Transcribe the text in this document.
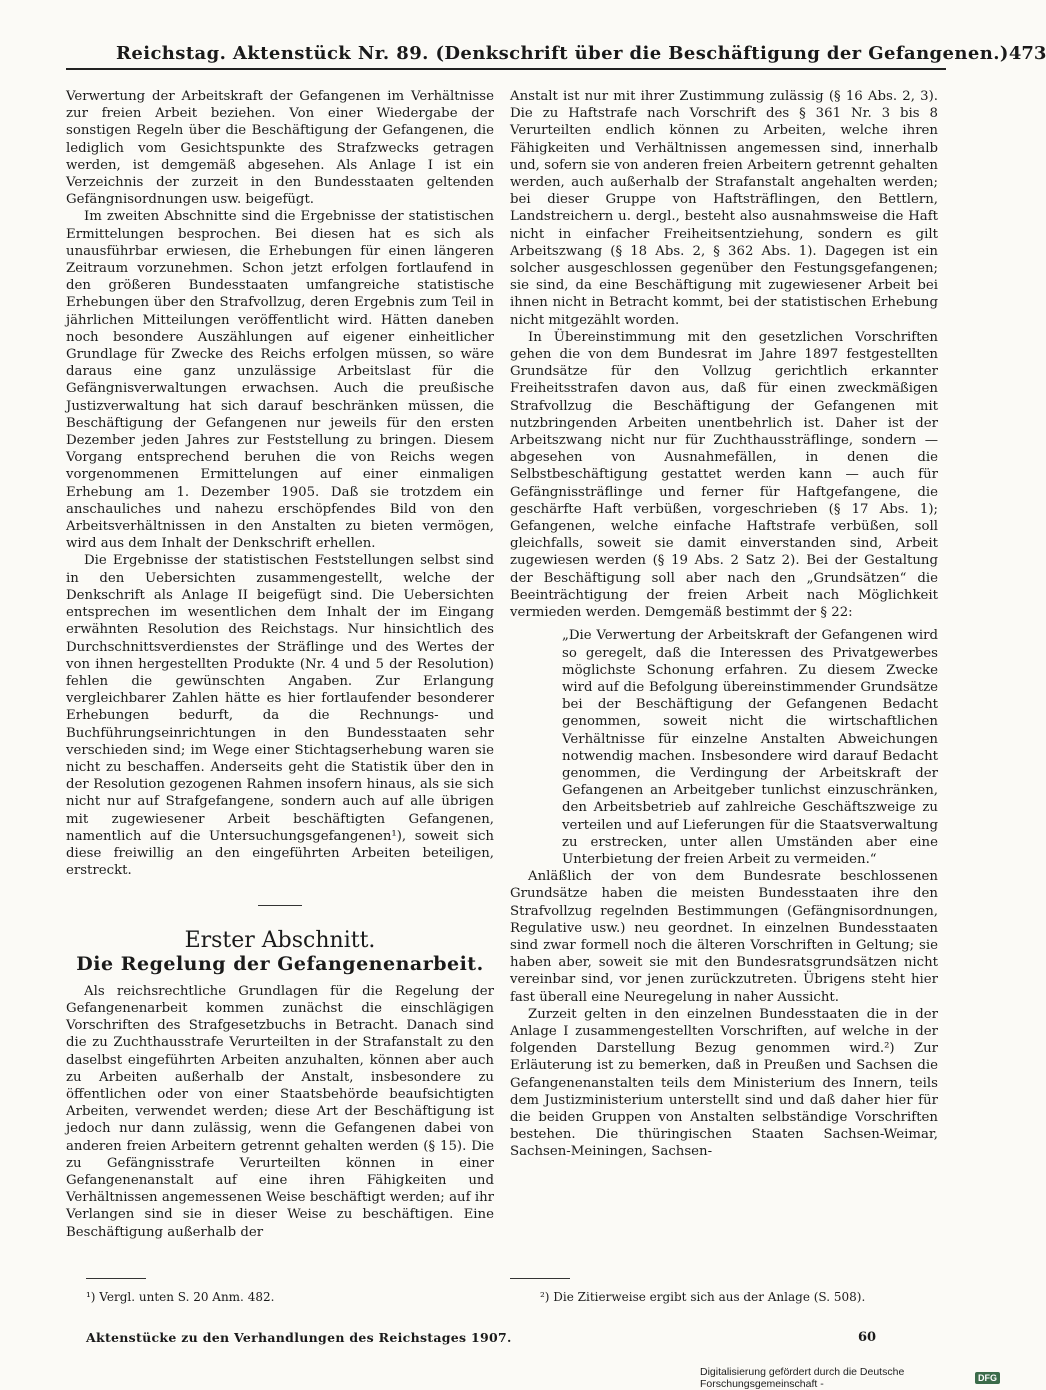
Reichstag. Aktenstück Nr. 89. (Denkschrift über die Beschäftigung der Gefangenen.) 473

Verwertung der Arbeitskraft der Gefangenen im Verhältnisse zur freien Arbeit beziehen. Von einer Wiedergabe der sonstigen Regeln über die Beschäftigung der Gefangenen, die lediglich vom Gesichtspunkte des Strafzwecks getragen werden, ist demgemäß abgesehen. Als Anlage I ist ein Verzeichnis der zurzeit in den Bundesstaaten geltenden Gefängnisordnungen usw. beigefügt.

Im zweiten Abschnitte sind die Ergebnisse der statistischen Ermittelungen besprochen. Bei diesen hat es sich als unausführbar erwiesen, die Erhebungen für einen längeren Zeitraum vorzunehmen. Schon jetzt erfolgen fortlaufend in den größeren Bundesstaaten umfangreiche statistische Erhebungen über den Strafvollzug, deren Ergebnis zum Teil in jährlichen Mitteilungen veröffentlicht wird. Hätten daneben noch besondere Auszählungen auf eigener einheitlicher Grundlage für Zwecke des Reichs erfolgen müssen, so wäre daraus eine ganz unzulässige Arbeitslast für die Gefängnisverwaltungen erwachsen. Auch die preußische Justizverwaltung hat sich darauf beschränken müssen, die Beschäftigung der Gefangenen nur jeweils für den ersten Dezember jeden Jahres zur Feststellung zu bringen. Diesem Vorgang entsprechend beruhen die von Reichs wegen vorgenommenen Ermittelungen auf einer einmaligen Erhebung am 1. Dezember 1905. Daß sie trotzdem ein anschauliches und nahezu erschöpfendes Bild von den Arbeitsverhältnissen in den Anstalten zu bieten vermögen, wird aus dem Inhalt der Denkschrift erhellen.

Die Ergebnisse der statistischen Feststellungen selbst sind in den Uebersichten zusammengestellt, welche der Denkschrift als Anlage II beigefügt sind. Die Uebersichten entsprechen im wesentlichen dem Inhalt der im Eingang erwähnten Resolution des Reichstags. Nur hinsichtlich des Durchschnittsverdienstes der Sträflinge und des Wertes der von ihnen hergestellten Produkte (Nr. 4 und 5 der Resolution) fehlen die gewünschten Angaben. Zur Erlangung vergleichbarer Zahlen hätte es hier fortlaufender besonderer Erhebungen bedurft, da die Rechnungs- und Buchführungseinrichtungen in den Bundesstaaten sehr verschieden sind; im Wege einer Stichtagserhebung waren sie nicht zu beschaffen. Anderseits geht die Statistik über den in der Resolution gezogenen Rahmen insofern hinaus, als sie sich nicht nur auf Strafgefangene, sondern auch auf alle übrigen mit zugewiesener Arbeit beschäftigten Gefangenen, namentlich auf die Untersuchungsgefangenen¹), soweit sich diese freiwillig an den eingeführten Arbeiten beteiligen, erstreckt.

Erster Abschnitt.
Die Regelung der Gefangenenarbeit.

Als reichsrechtliche Grundlagen für die Regelung der Gefangenenarbeit kommen zunächst die einschlägigen Vorschriften des Strafgesetzbuchs in Betracht. Danach sind die zu Zuchthausstrafe Verurteilten in der Strafanstalt zu den daselbst eingeführten Arbeiten anzuhalten, können aber auch zu Arbeiten außerhalb der Anstalt, insbesondere zu öffentlichen oder von einer Staatsbehörde beaufsichtigten Arbeiten, verwendet werden; diese Art der Beschäftigung ist jedoch nur dann zulässig, wenn die Gefangenen dabei von anderen freien Arbeitern getrennt gehalten werden (§ 15). Die zu Gefängnisstrafe Verurteilten können in einer Gefangenenanstalt auf eine ihren Fähigkeiten und Verhältnissen angemessenen Weise beschäftigt werden; auf ihr Verlangen sind sie in dieser Weise zu beschäftigen. Eine Beschäftigung außerhalb der

Anstalt ist nur mit ihrer Zustimmung zulässig (§ 16 Abs. 2, 3). Die zu Haftstrafe nach Vorschrift des § 361 Nr. 3 bis 8 Verurteilten endlich können zu Arbeiten, welche ihren Fähigkeiten und Verhältnissen angemessen sind, innerhalb und, sofern sie von anderen freien Arbeitern getrennt gehalten werden, auch außerhalb der Strafanstalt angehalten werden; bei dieser Gruppe von Haftsträflingen, den Bettlern, Landstreichern u. dergl., besteht also ausnahmsweise die Haft nicht in einfacher Freiheitsentziehung, sondern es gilt Arbeitszwang (§ 18 Abs. 2, § 362 Abs. 1). Dagegen ist ein solcher ausgeschlossen gegenüber den Festungsgefangenen; sie sind, da eine Beschäftigung mit zugewiesener Arbeit bei ihnen nicht in Betracht kommt, bei der statistischen Erhebung nicht mitgezählt worden.

In Übereinstimmung mit den gesetzlichen Vorschriften gehen die von dem Bundesrat im Jahre 1897 festgestellten Grundsätze für den Vollzug gerichtlich erkannter Freiheitsstrafen davon aus, daß für einen zweckmäßigen Strafvollzug die Beschäftigung der Gefangenen mit nutzbringenden Arbeiten unentbehrlich ist. Daher ist der Arbeitszwang nicht nur für Zuchthaussträflinge, sondern — abgesehen von Ausnahmefällen, in denen die Selbstbeschäftigung gestattet werden kann — auch für Gefängnissträflinge und ferner für Haftgefangene, die geschärfte Haft verbüßen, vorgeschrieben (§ 17 Abs. 1); Gefangenen, welche einfache Haftstrafe verbüßen, soll gleichfalls, soweit sie damit einverstanden sind, Arbeit zugewiesen werden (§ 19 Abs. 2 Satz 2). Bei der Gestaltung der Beschäftigung soll aber nach den „Grundsätzen“ die Beeinträchtigung der freien Arbeit nach Möglichkeit vermieden werden. Demgemäß bestimmt der § 22:

„Die Verwertung der Arbeitskraft der Gefangenen wird so geregelt, daß die Interessen des Privatgewerbes möglichste Schonung erfahren. Zu diesem Zwecke wird auf die Befolgung übereinstimmender Grundsätze bei der Beschäftigung der Gefangenen Bedacht genommen, soweit nicht die wirtschaftlichen Verhältnisse für einzelne Anstalten Abweichungen notwendig machen. Insbesondere wird darauf Bedacht genommen, die Verdingung der Arbeitskraft der Gefangenen an Arbeitgeber tunlichst einzuschränken, den Arbeitsbetrieb auf zahlreiche Geschäftszweige zu verteilen und auf Lieferungen für die Staatsverwaltung zu erstrecken, unter allen Umständen aber eine Unterbietung der freien Arbeit zu vermeiden.“

Anläßlich der von dem Bundesrate beschlossenen Grundsätze haben die meisten Bundesstaaten ihre den Strafvollzug regelnden Bestimmungen (Gefängnisordnungen, Regulative usw.) neu geordnet. In einzelnen Bundesstaaten sind zwar formell noch die älteren Vorschriften in Geltung; sie haben aber, soweit sie mit den Bundesratsgrundsätzen nicht vereinbar sind, vor jenen zurückzutreten. Übrigens steht hier fast überall eine Neuregelung in naher Aussicht.

Zurzeit gelten in den einzelnen Bundesstaaten die in der Anlage I zusammengestellten Vorschriften, auf welche in der folgenden Darstellung Bezug genommen wird.²) Zur Erläuterung ist zu bemerken, daß in Preußen und Sachsen die Gefangenenanstalten teils dem Ministerium des Innern, teils dem Justizministerium unterstellt sind und daß daher hier für die beiden Gruppen von Anstalten selbständige Vorschriften bestehen. Die thüringischen Staaten Sachsen-Weimar, Sachsen-Meiningen, Sachsen-

¹) Vergl. unten S. 20 Anm. 482.	²) Die Zitierweise ergibt sich aus der Anlage (S. 508).
Aktenstücke zu den Verhandlungen des Reichstages 1907.	60
Digitalisierung gefördert durch die Deutsche Forschungsgemeinschaft -	DFG
